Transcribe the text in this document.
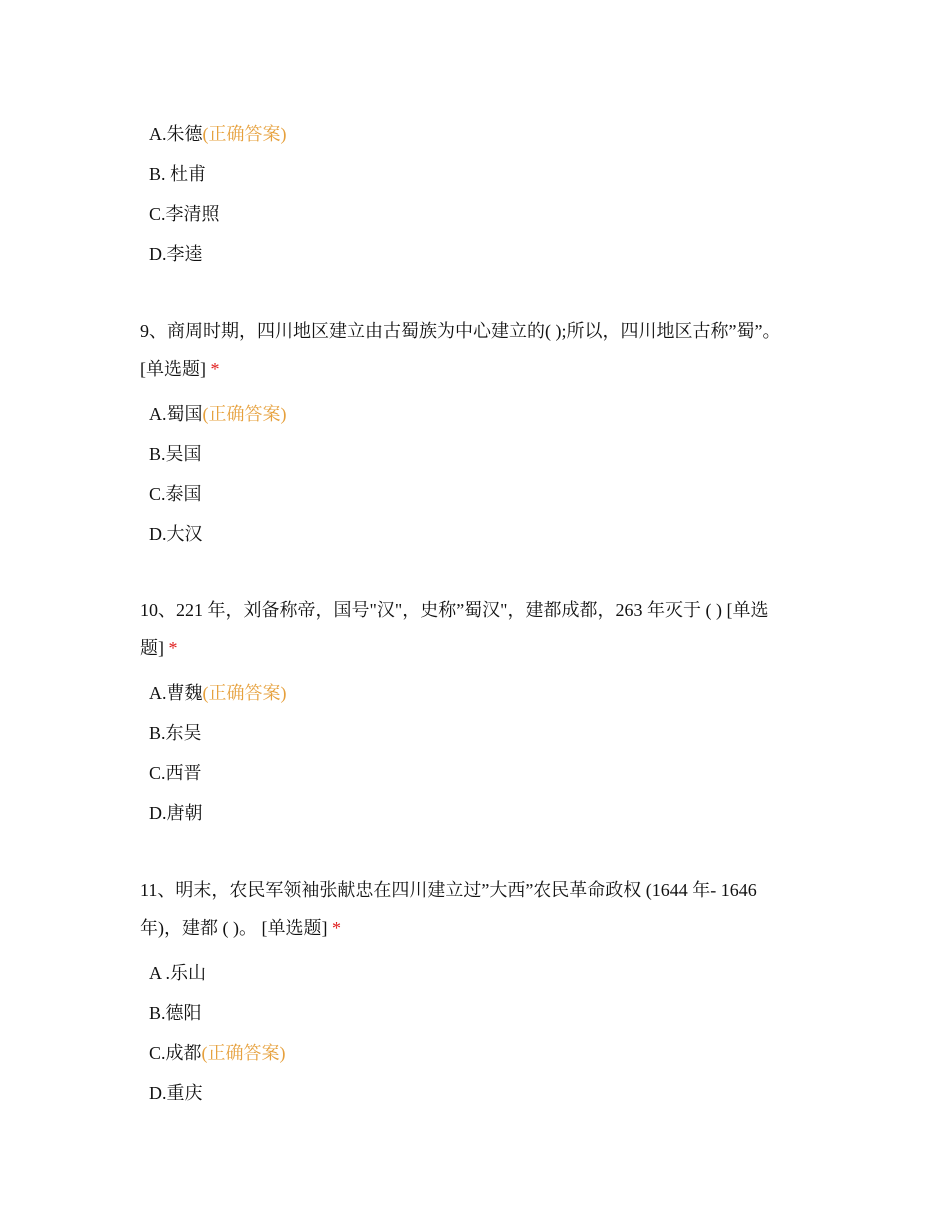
A.朱德(正确答案)
B. 杜甫
C.李清照
D.李逵
9、商周时期，四川地区建立由古蜀族为中心建立的( );所以，四川地区古称”蜀”。
[单选题] *
A.蜀国(正确答案)
B.吴国
C.泰国
D.大汉
10、221 年，刘备称帝，国号"汉"，史称”蜀汉"，建都成都，263 年灭于 ( ) [单选
题] *
A.曹魏(正确答案)
B.东吴
C.西晋
D.唐朝
11、明末，农民军领袖张献忠在四川建立过”大西”农民革命政权 (1644 年- 1646
年)，建都 ( )。 [单选题] *
A .乐山
B.德阳
C.成都(正确答案)
D.重庆
